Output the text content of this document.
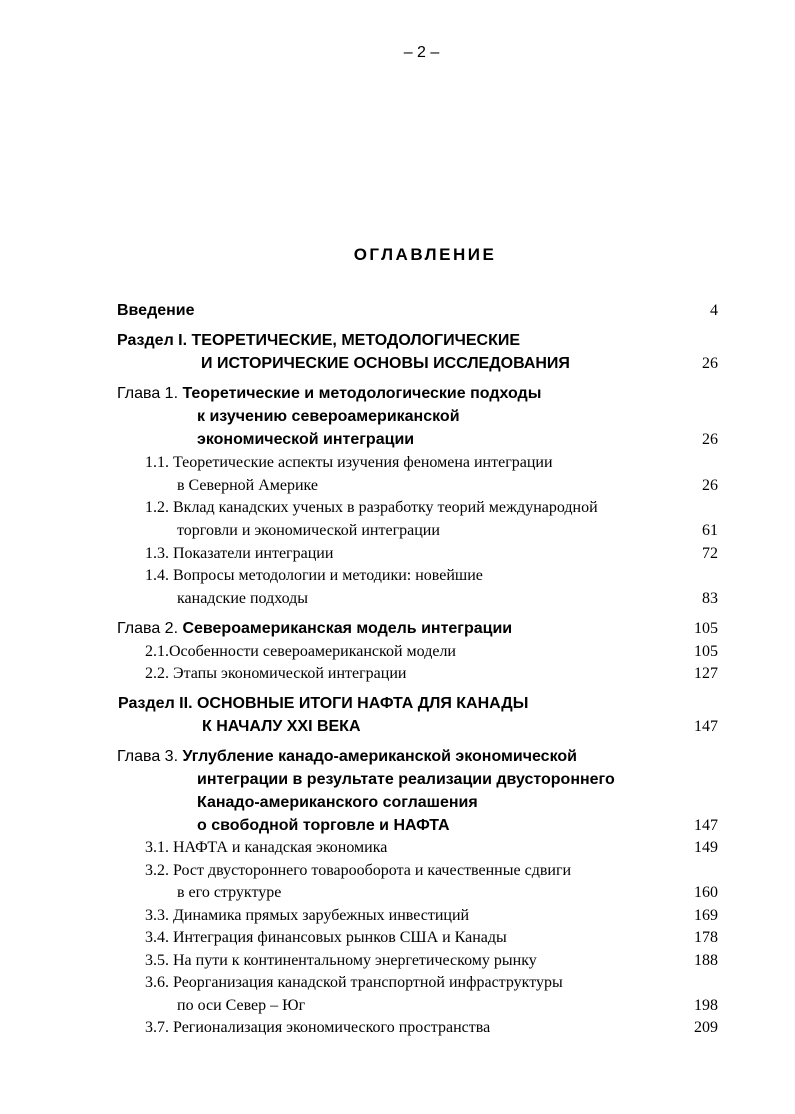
– 2 –
ОГЛАВЛЕНИЕ
Введение	4
Раздел I. ТЕОРЕТИЧЕСКИЕ, МЕТОДОЛОГИЧЕСКИЕ
И ИСТОРИЧЕСКИЕ ОСНОВЫ ИССЛЕДОВАНИЯ	26
Глава 1. Теоретические и методологические подходы
к изучению североамериканской
экономической интеграции	26
1.1. Теоретические аспекты изучения феномена интеграции
в Северной Америке	26
1.2. Вклад канадских ученых в разработку теорий международной
торговли и экономической интеграции	61
1.3. Показатели интеграции	72
1.4. Вопросы методологии и методики: новейшие
канадские подходы	83
Глава 2. Североамериканская модель интеграции	105
2.1.Особенности североамериканской модели	105
2.2. Этапы экономической интеграции	127
Раздел II. ОСНОВНЫЕ ИТОГИ НАФТА ДЛЯ КАНАДЫ
К НАЧАЛУ XXI ВЕКА	147
Глава 3. Углубление канадо-американской экономической
интеграции в результате реализации двустороннего
Канадо-американского соглашения
о свободной торговле и НАФТА	147
3.1. НАФТА и канадская экономика	149
3.2. Рост двустороннего товарооборота и качественные сдвиги
в его структуре	160
3.3. Динамика прямых зарубежных инвестиций	169
3.4. Интеграция финансовых рынков США и Канады	178
3.5. На пути к континентальному энергетическому рынку	188
3.6. Реорганизация канадской транспортной инфраструктуры
по оси Север – Юг	198
3.7. Регионализация экономического пространства	209
